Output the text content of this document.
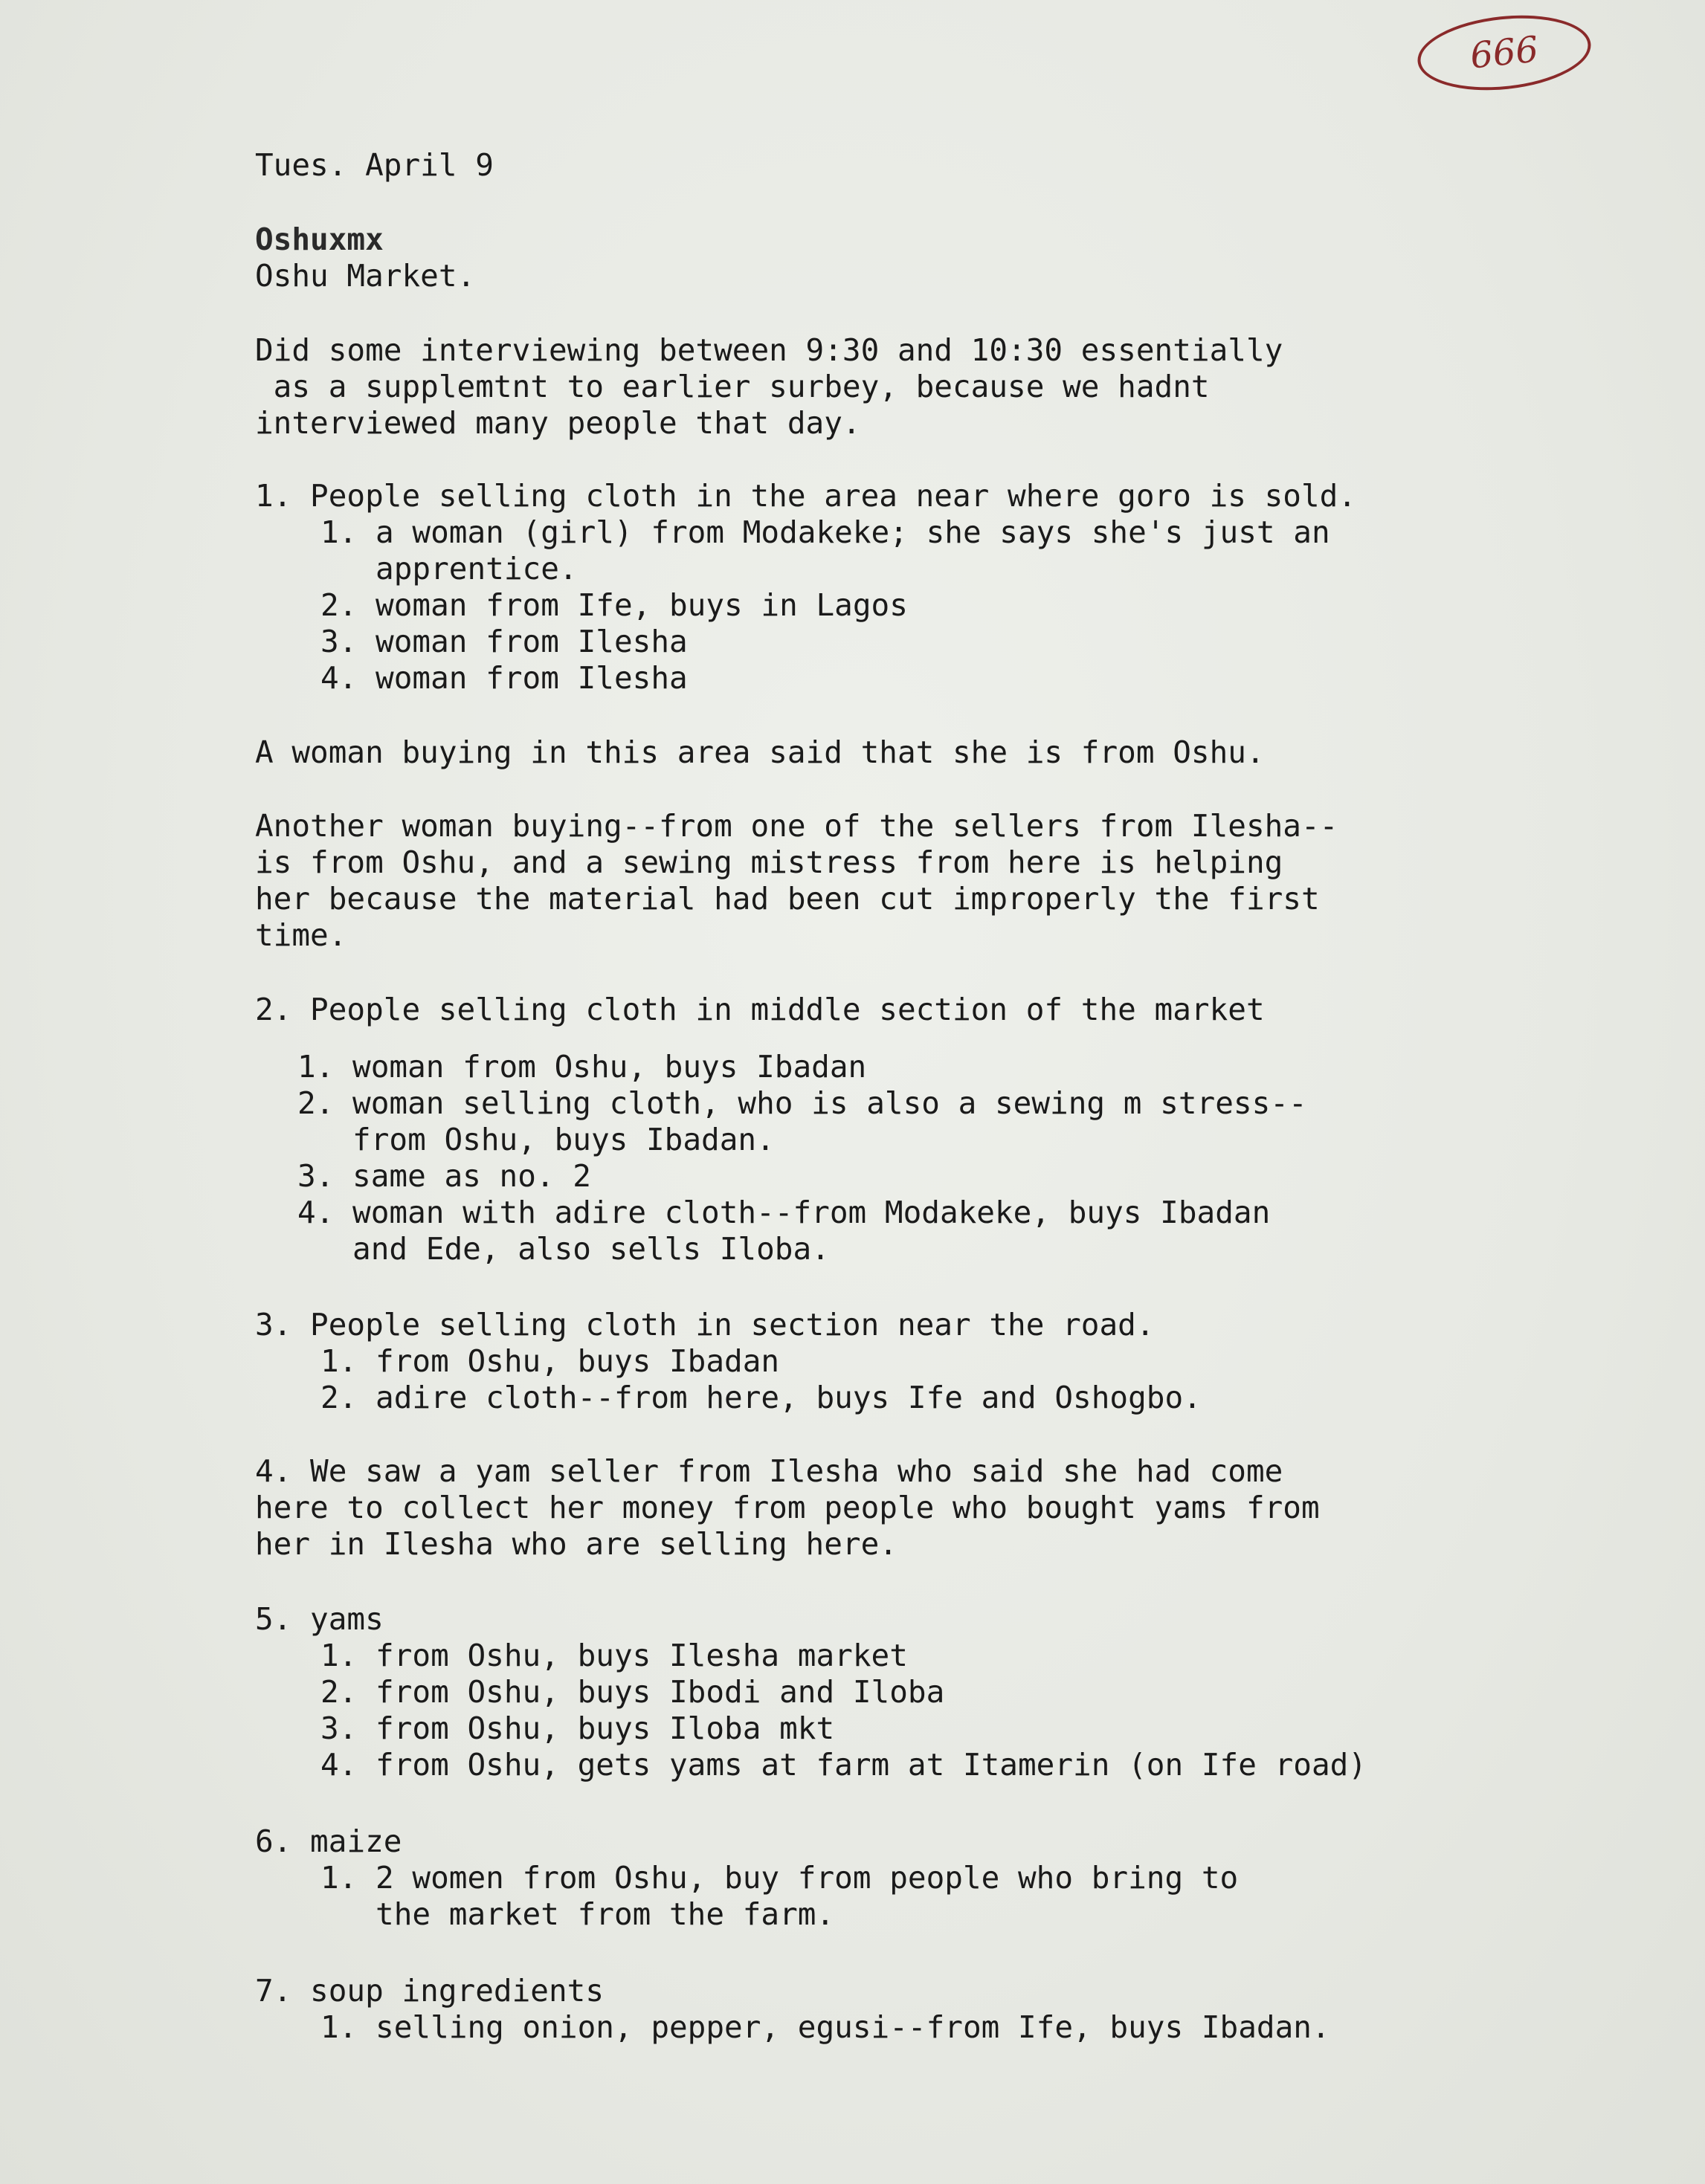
666

Tues. April 9

Oshuxmx

Oshu Market.

Did some interviewing between 9:30 and 10:30 essentially

as a supplemtnt to earlier surbey, because we hadnt

interviewed many people that day.

1. People selling cloth in the area near where goro is sold.

1. a woman (girl) from Modakeke; she says she's just an

apprentice.

2. woman from Ife, buys in Lagos

3. woman from Ilesha

4. woman from Ilesha

A woman buying in this area said that she is from Oshu.

Another woman buying--from one of the sellers from Ilesha--

is from Oshu, and a sewing mistress from here is helping

her because the material had been cut improperly the first

time.

2. People selling cloth in middle section of the market

1. woman from Oshu, buys Ibadan

2. woman selling cloth, who is also a sewing m stress--

from Oshu, buys Ibadan.

3. same as no. 2

4. woman with adire cloth--from Modakeke, buys Ibadan

and Ede, also sells Iloba.

3. People selling cloth in section near the road.

1. from Oshu, buys Ibadan

2. adire cloth--from here, buys Ife and Oshogbo.

4. We saw a yam seller from Ilesha who said she had come

here to collect her money from people who bought yams from

her in Ilesha who are selling here.

5. yams

1. from Oshu, buys Ilesha market

2. from Oshu, buys Ibodi and Iloba

3. from Oshu, buys Iloba mkt

4. from Oshu, gets yams at farm at Itamerin (on Ife road)

6. maize

1. 2 women from Oshu, buy from people who bring to

the market from the farm.

7. soup ingredients

1. selling onion, pepper, egusi--from Ife, buys Ibadan.
